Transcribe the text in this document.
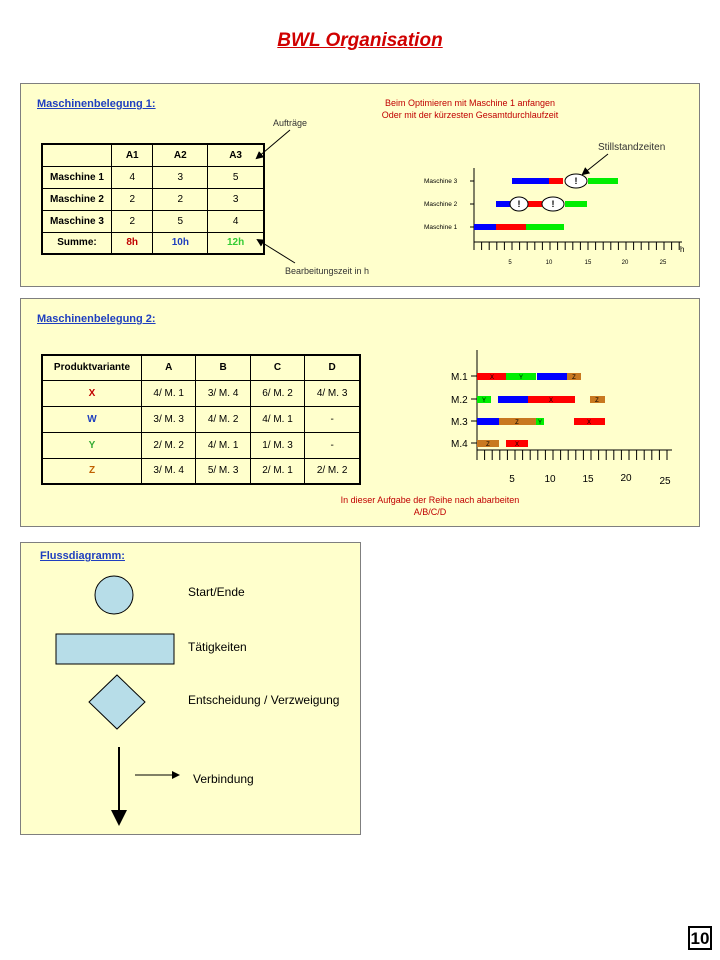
BWL Organisation
Maschinenbelegung 1:	Beim Optimieren mit Maschine 1 anfangen
Oder mit der kürzesten Gesamtdurchlaufzeit
Aufträge
Bearbeitungszeit in h
Stillstandzeiten
	A1	A2	A3
Maschine 1	4	3	5
Maschine 2	2	2	3
Maschine 3	2	5	4
Summe:	8h	10h	12h
Maschine 3
Maschine 2
Maschine 1
!
!	!
h
5	10	15	20	25
Maschinenbelegung 2:
Produktvariante	A	B	C	D
X	4/ M. 1	3/ M. 4	6/ M. 2	4/ M. 3
W	3/ M. 3	4/ M. 2	4/ M. 1	-
Y	2/ M. 2	4/ M. 1	1/ M. 3	-
Z	3/ M. 4	5/ M. 3	2/ M. 1	2/ M. 2
M.1
M.2
M.3
M.4
X	Y	Z
Y	X	Z
Z	Y	X
Z	X
5	10	15	20	25
In dieser Aufgabe der Reihe nach abarbeiten
A/B/C/D
Flussdiagramm:
Start/Ende
Tätigkeiten
Entscheidung / Verzweigung
Verbindung
10
